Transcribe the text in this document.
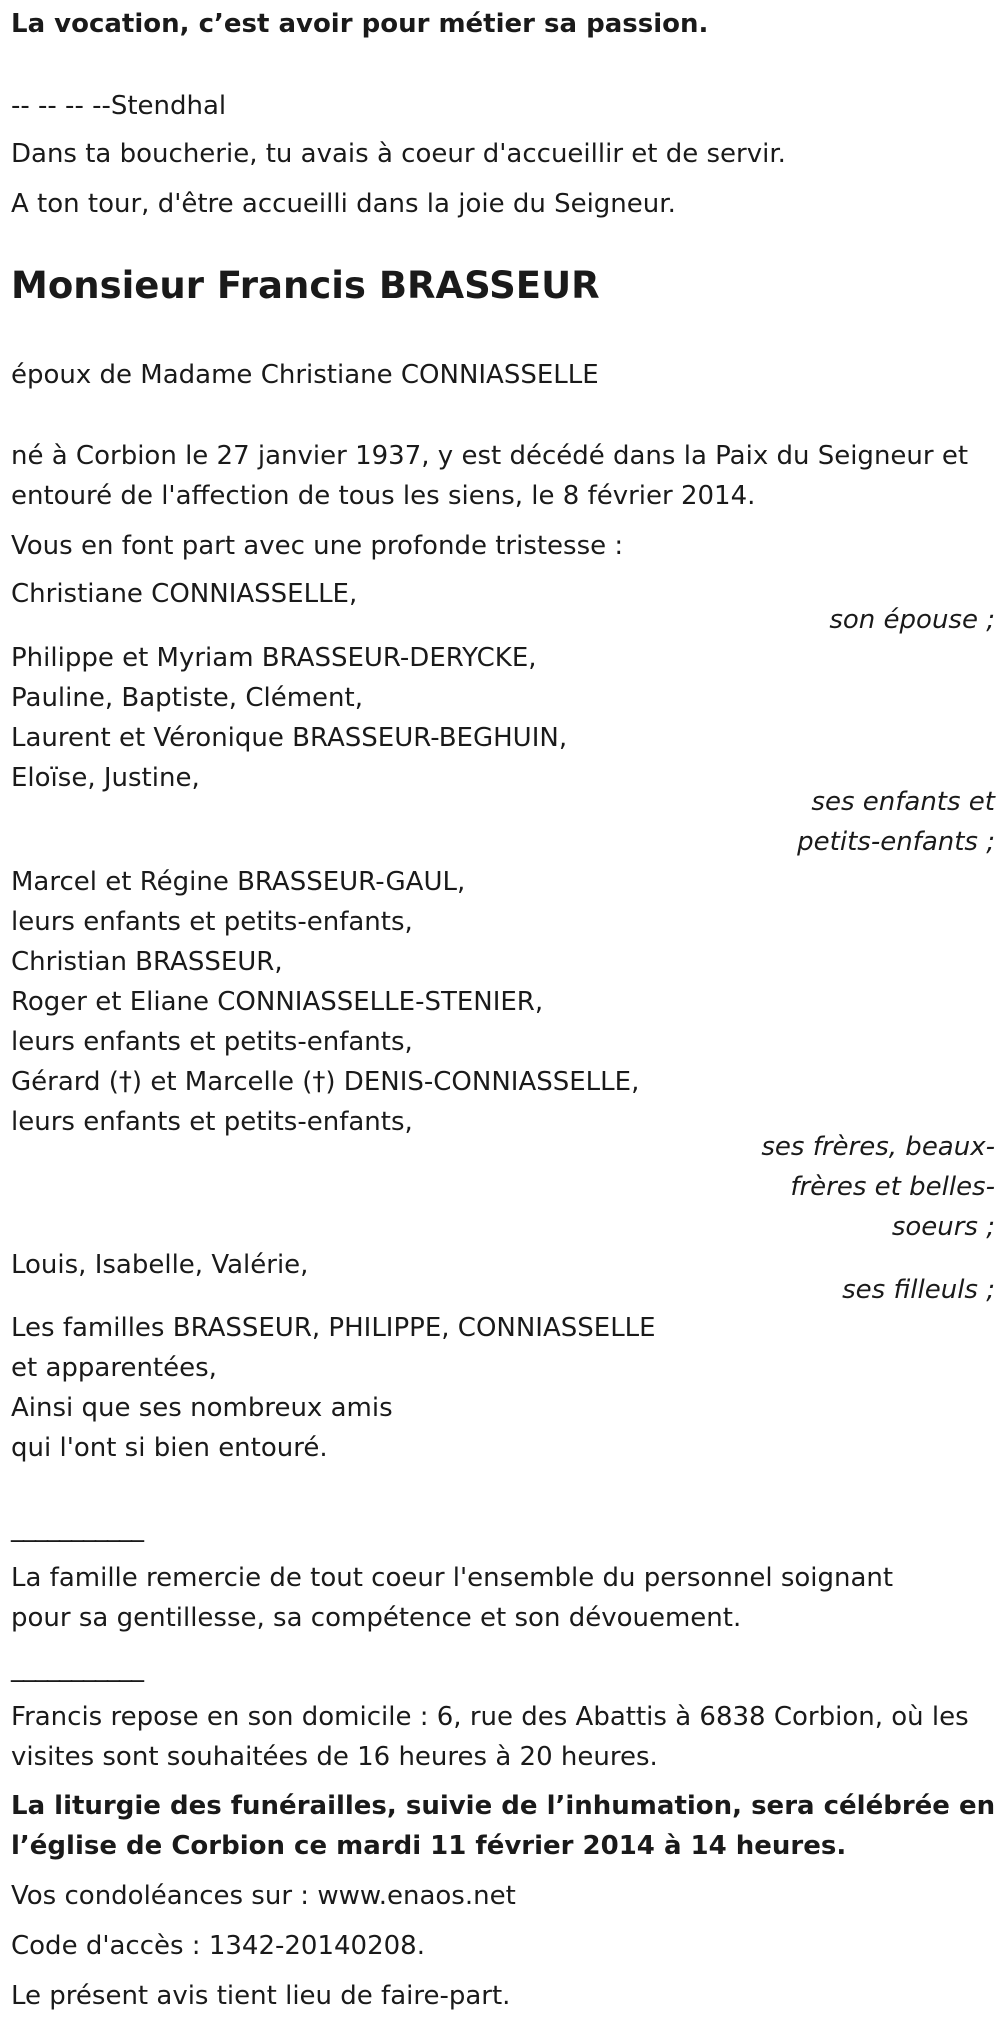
La vocation, c’est avoir pour métier sa passion.
-- -- -- --Stendhal
Dans ta boucherie, tu avais à coeur d'accueillir et de servir.
A ton tour, d'être accueilli dans la joie du Seigneur.
Monsieur Francis BRASSEUR
époux de Madame Christiane CONNIASSELLE
né à Corbion le 27 janvier 1937, y est décédé dans la Paix du Seigneur et
entouré de l'affection de tous les siens, le 8 février 2014.
Vous en font part avec une profonde tristesse :
Christiane CONNIASSELLE,
son épouse ;
Philippe et Myriam BRASSEUR-DERYCKE,
Pauline, Baptiste, Clément,
Laurent et Véronique BRASSEUR-BEGHUIN,
Eloïse, Justine,
ses enfants et
petits-enfants ;
Marcel et Régine BRASSEUR-GAUL,
leurs enfants et petits-enfants,
Christian BRASSEUR,
Roger et Eliane CONNIASSELLE-STENIER,
leurs enfants et petits-enfants,
Gérard (†) et Marcelle (†) DENIS-CONNIASSELLE,
leurs enfants et petits-enfants,
ses frères, beaux-
frères et belles-
soeurs ;
Louis, Isabelle, Valérie,
ses filleuls ;
Les familles BRASSEUR, PHILIPPE, CONNIASSELLE
et apparentées,
Ainsi que ses nombreux amis
qui l'ont si bien entouré.
___________
La famille remercie de tout coeur l'ensemble du personnel soignant
pour sa gentillesse, sa compétence et son dévouement.
___________
Francis repose en son domicile : 6, rue des Abattis à 6838 Corbion, où les
visites sont souhaitées de 16 heures à 20 heures.
La liturgie des funérailles, suivie de l’inhumation, sera célébrée en
l’église de Corbion ce mardi 11 février 2014 à 14 heures.
Vos condoléances sur : www.enaos.net
Code d'accès : 1342-20140208.
Le présent avis tient lieu de faire-part.
